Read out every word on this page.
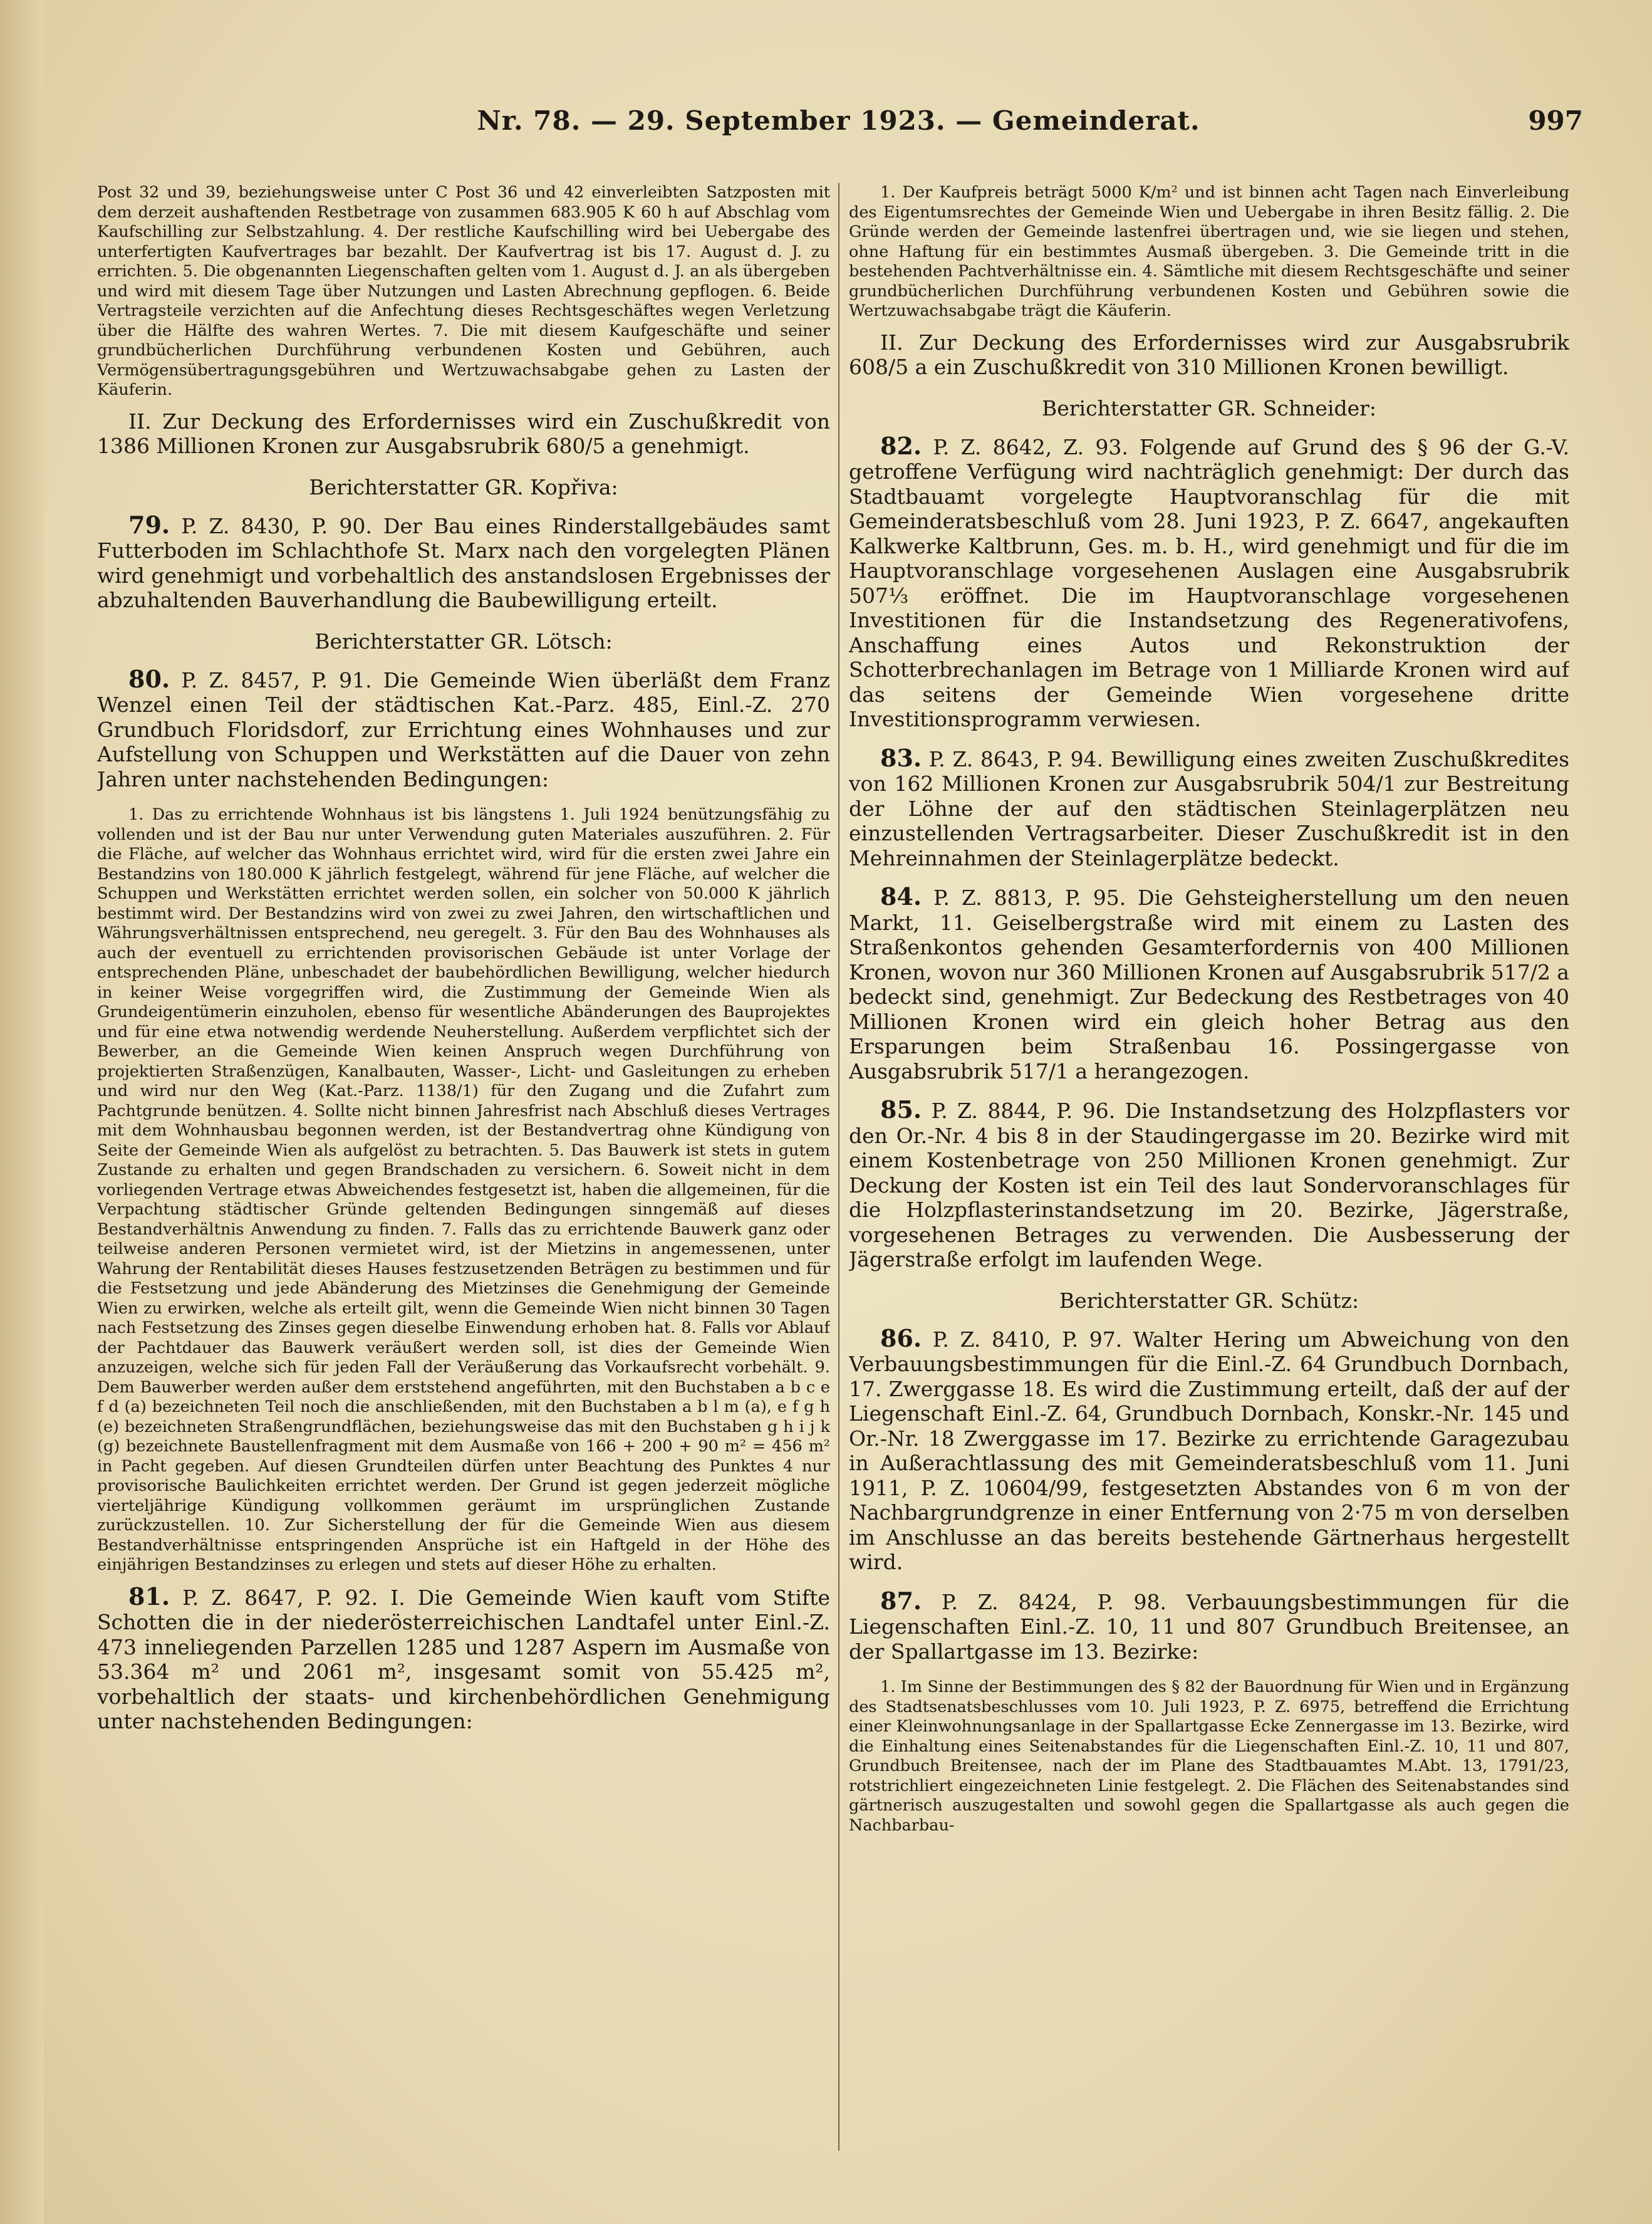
Nr. 78. — 29. September 1923. — Gemeinderat.	997

Post 32 und 39, beziehungsweise unter C Post 36 und 42 einverleibten Satzposten mit dem derzeit aushaftenden Restbetrage von zusammen 683.905 K 60 h auf Abschlag vom Kaufschilling zur Selbstzahlung. 4. Der restliche Kaufschilling wird bei Uebergabe des unterfertigten Kaufvertrages bar bezahlt. Der Kaufvertrag ist bis 17. August d. J. zu errichten. 5. Die obgenannten Liegenschaften gelten vom 1. August d. J. an als übergeben und wird mit diesem Tage über Nutzungen und Lasten Abrechnung gepflogen. 6. Beide Vertragsteile verzichten auf die Anfechtung dieses Rechtsgeschäftes wegen Verletzung über die Hälfte des wahren Wertes. 7. Die mit diesem Kaufgeschäfte und seiner grundbücherlichen Durchführung verbundenen Kosten und Gebühren, auch Vermögensübertragungsgebühren und Wertzuwachsabgabe gehen zu Lasten der Käuferin.

II. Zur Deckung des Erfordernisses wird ein Zuschußkredit von 1386 Millionen Kronen zur Ausgabsrubrik 680/5 a genehmigt.

Berichterstatter GR. Kopřiva:

79. P. Z. 8430, P. 90. Der Bau eines Rinderstallgebäudes samt Futterboden im Schlachthofe St. Marx nach den vorgelegten Plänen wird genehmigt und vorbehaltlich des anstandslosen Ergebnisses der abzuhaltenden Bauverhandlung die Baubewilligung erteilt.

Berichterstatter GR. Lötsch:

80. P. Z. 8457, P. 91. Die Gemeinde Wien überläßt dem Franz Wenzel einen Teil der städtischen Kat.-Parz. 485, Einl.-Z. 270 Grundbuch Floridsdorf, zur Errichtung eines Wohnhauses und zur Aufstellung von Schuppen und Werkstätten auf die Dauer von zehn Jahren unter nachstehenden Bedingungen:

1. Das zu errichtende Wohnhaus ist bis längstens 1. Juli 1924 benützungsfähig zu vollenden und ist der Bau nur unter Verwendung guten Materiales auszuführen. 2. Für die Fläche, auf welcher das Wohnhaus errichtet wird, wird für die ersten zwei Jahre ein Bestandzins von 180.000 K jährlich festgelegt, während für jene Fläche, auf welcher die Schuppen und Werkstätten errichtet werden sollen, ein solcher von 50.000 K jährlich bestimmt wird. Der Bestandzins wird von zwei zu zwei Jahren, den wirtschaftlichen und Währungsverhältnissen entsprechend, neu geregelt. 3. Für den Bau des Wohnhauses als auch der eventuell zu errichtenden provisorischen Gebäude ist unter Vorlage der entsprechenden Pläne, unbeschadet der baubehördlichen Bewilligung, welcher hiedurch in keiner Weise vorgegriffen wird, die Zustimmung der Gemeinde Wien als Grundeigentümerin einzuholen, ebenso für wesentliche Abänderungen des Bauprojektes und für eine etwa notwendig werdende Neuherstellung. Außerdem verpflichtet sich der Bewerber, an die Gemeinde Wien keinen Anspruch wegen Durchführung von projektierten Straßenzügen, Kanalbauten, Wasser-, Licht- und Gasleitungen zu erheben und wird nur den Weg (Kat.-Parz. 1138/1) für den Zugang und die Zufahrt zum Pachtgrunde benützen. 4. Sollte nicht binnen Jahresfrist nach Abschluß dieses Vertrages mit dem Wohnhausbau begonnen werden, ist der Bestandvertrag ohne Kündigung von Seite der Gemeinde Wien als aufgelöst zu betrachten. 5. Das Bauwerk ist stets in gutem Zustande zu erhalten und gegen Brandschaden zu versichern. 6. Soweit nicht in dem vorliegenden Vertrage etwas Abweichendes festgesetzt ist, haben die allgemeinen, für die Verpachtung städtischer Gründe geltenden Bedingungen sinngemäß auf dieses Bestandverhältnis Anwendung zu finden. 7. Falls das zu errichtende Bauwerk ganz oder teilweise anderen Personen vermietet wird, ist der Mietzins in angemessenen, unter Wahrung der Rentabilität dieses Hauses festzusetzenden Beträgen zu bestimmen und für die Festsetzung und jede Abänderung des Mietzinses die Genehmigung der Gemeinde Wien zu erwirken, welche als erteilt gilt, wenn die Gemeinde Wien nicht binnen 30 Tagen nach Festsetzung des Zinses gegen dieselbe Einwendung erhoben hat. 8. Falls vor Ablauf der Pachtdauer das Bauwerk veräußert werden soll, ist dies der Gemeinde Wien anzuzeigen, welche sich für jeden Fall der Veräußerung das Vorkaufsrecht vorbehält. 9. Dem Bauwerber werden außer dem erststehend angeführten, mit den Buchstaben a b c e f d (a) bezeichneten Teil noch die anschließenden, mit den Buchstaben a b l m (a), e f g h (e) bezeichneten Straßengrundflächen, beziehungsweise das mit den Buchstaben g h i j k (g) bezeichnete Baustellenfragment mit dem Ausmaße von 166 + 200 + 90 m² = 456 m² in Pacht gegeben. Auf diesen Grundteilen dürfen unter Beachtung des Punktes 4 nur provisorische Baulichkeiten errichtet werden. Der Grund ist gegen jederzeit mögliche vierteljährige Kündigung vollkommen geräumt im ursprünglichen Zustande zurückzustellen. 10. Zur Sicherstellung der für die Gemeinde Wien aus diesem Bestandverhältnisse entspringenden Ansprüche ist ein Haftgeld in der Höhe des einjährigen Bestandzinses zu erlegen und stets auf dieser Höhe zu erhalten.

81. P. Z. 8647, P. 92. I. Die Gemeinde Wien kauft vom Stifte Schotten die in der niederösterreichischen Landtafel unter Einl.-Z. 473 inneliegenden Parzellen 1285 und 1287 Aspern im Ausmaße von 53.364 m² und 2061 m², insgesamt somit von 55.425 m², vorbehaltlich der staats- und kirchenbehördlichen Genehmigung unter nachstehenden Bedingungen:

1. Der Kaufpreis beträgt 5000 K/m² und ist binnen acht Tagen nach Einverleibung des Eigentumsrechtes der Gemeinde Wien und Uebergabe in ihren Besitz fällig. 2. Die Gründe werden der Gemeinde lastenfrei übertragen und, wie sie liegen und stehen, ohne Haftung für ein bestimmtes Ausmaß übergeben. 3. Die Gemeinde tritt in die bestehenden Pachtverhältnisse ein. 4. Sämtliche mit diesem Rechtsgeschäfte und seiner grundbücherlichen Durchführung verbundenen Kosten und Gebühren sowie die Wertzuwachsabgabe trägt die Käuferin.

II. Zur Deckung des Erfordernisses wird zur Ausgabsrubrik 608/5 a ein Zuschußkredit von 310 Millionen Kronen bewilligt.

Berichterstatter GR. Schneider:

82. P. Z. 8642, Z. 93. Folgende auf Grund des § 96 der G.-V. getroffene Verfügung wird nachträglich genehmigt: Der durch das Stadtbauamt vorgelegte Hauptvoranschlag für die mit Gemeinderatsbeschluß vom 28. Juni 1923, P. Z. 6647, angekauften Kalkwerke Kaltbrunn, Ges. m. b. H., wird genehmigt und für die im Hauptvoranschlage vorgesehenen Auslagen eine Ausgabsrubrik 507⅓ eröffnet. Die im Hauptvoranschlage vorgesehenen Investitionen für die Instandsetzung des Regenerativofens, Anschaffung eines Autos und Rekonstruktion der Schotterbrechanlagen im Betrage von 1 Milliarde Kronen wird auf das seitens der Gemeinde Wien vorgesehene dritte Investitionsprogramm verwiesen.

83. P. Z. 8643, P. 94. Bewilligung eines zweiten Zuschußkredites von 162 Millionen Kronen zur Ausgabsrubrik 504/1 zur Bestreitung der Löhne der auf den städtischen Steinlagerplätzen neu einzustellenden Vertragsarbeiter. Dieser Zuschußkredit ist in den Mehreinnahmen der Steinlagerplätze bedeckt.

84. P. Z. 8813, P. 95. Die Gehsteigherstellung um den neuen Markt, 11. Geiselbergstraße wird mit einem zu Lasten des Straßenkontos gehenden Gesamterfordernis von 400 Millionen Kronen, wovon nur 360 Millionen Kronen auf Ausgabsrubrik 517/2 a bedeckt sind, genehmigt. Zur Bedeckung des Restbetrages von 40 Millionen Kronen wird ein gleich hoher Betrag aus den Ersparungen beim Straßenbau 16. Possingergasse von Ausgabsrubrik 517/1 a herangezogen.

85. P. Z. 8844, P. 96. Die Instandsetzung des Holzpflasters vor den Or.-Nr. 4 bis 8 in der Staudingergasse im 20. Bezirke wird mit einem Kostenbetrage von 250 Millionen Kronen genehmigt. Zur Deckung der Kosten ist ein Teil des laut Sondervoranschlages für die Holzpflasterinstandsetzung im 20. Bezirke, Jägerstraße, vorgesehenen Betrages zu verwenden. Die Ausbesserung der Jägerstraße erfolgt im laufenden Wege.

Berichterstatter GR. Schütz:

86. P. Z. 8410, P. 97. Walter Hering um Abweichung von den Verbauungsbestimmungen für die Einl.-Z. 64 Grundbuch Dornbach, 17. Zwerggasse 18. Es wird die Zustimmung erteilt, daß der auf der Liegenschaft Einl.-Z. 64, Grundbuch Dornbach, Konskr.-Nr. 145 und Or.-Nr. 18 Zwerggasse im 17. Bezirke zu errichtende Garagezubau in Außerachtlassung des mit Gemeinderatsbeschluß vom 11. Juni 1911, P. Z. 10604/99, festgesetzten Abstandes von 6 m von der Nachbargrundgrenze in einer Entfernung von 2·75 m von derselben im Anschlusse an das bereits bestehende Gärtnerhaus hergestellt wird.

87. P. Z. 8424, P. 98. Verbauungsbestimmungen für die Liegenschaften Einl.-Z. 10, 11 und 807 Grundbuch Breitensee, an der Spallartgasse im 13. Bezirke:

1. Im Sinne der Bestimmungen des § 82 der Bauordnung für Wien und in Ergänzung des Stadtsenatsbeschlusses vom 10. Juli 1923, P. Z. 6975, betreffend die Errichtung einer Kleinwohnungsanlage in der Spallartgasse Ecke Zennergasse im 13. Bezirke, wird die Einhaltung eines Seitenabstandes für die Liegenschaften Einl.-Z. 10, 11 und 807, Grundbuch Breitensee, nach der im Plane des Stadtbauamtes M.Abt. 13, 1791/23, rotstrichliert eingezeichneten Linie festgelegt. 2. Die Flächen des Seitenabstandes sind gärtnerisch auszugestalten und sowohl gegen die Spallartgasse als auch gegen die Nachbarbau-
